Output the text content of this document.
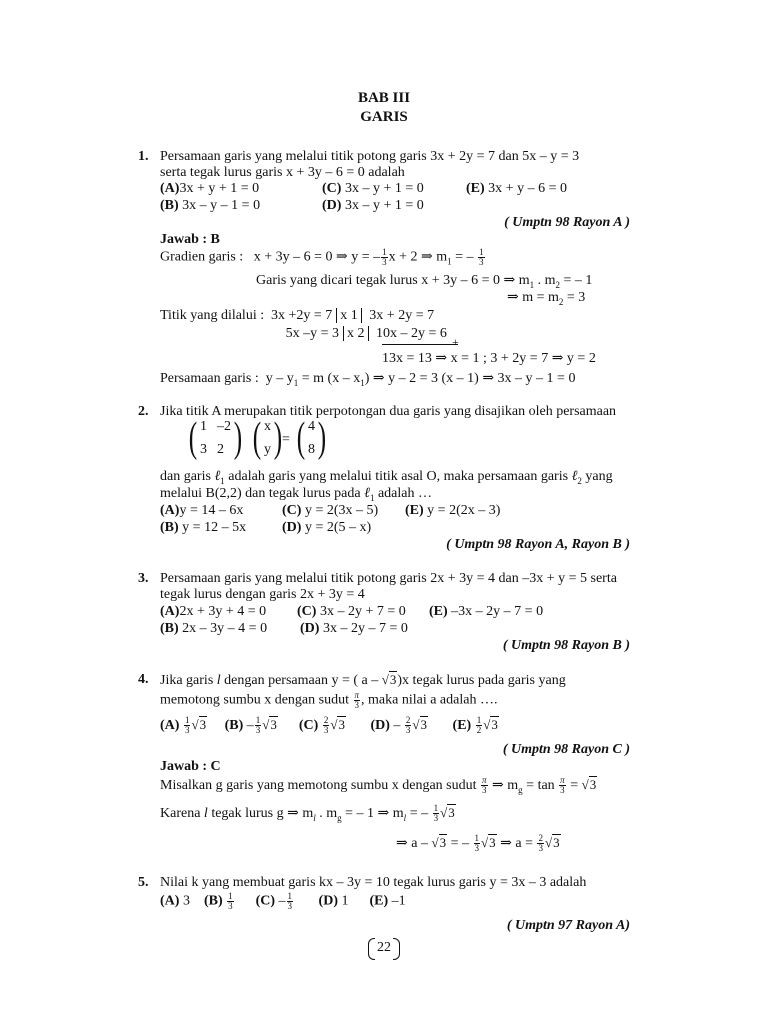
BAB III
GARIS
1. Persamaan garis yang melalui titik potong garis 3x + 2y = 7 dan 5x – y = 3
serta tegak lurus garis x + 3y – 6 = 0 adalah
(A)3x + y + 1 = 0	(C) 3x – y + 1 = 0	(E) 3x + y – 6 = 0
(B) 3x – y – 1 = 0	(D) 3x – y + 1 = 0
( Umptn 98 Rayon A )
Jawab : B
Gradien garis : x + 3y – 6 = 0 ⇒ y = – $\frac{1}{3}$ x + 2 ⇒ $m_1$ = – $\frac{1}{3}$
Garis yang dicari tegak lurus x + 3y – 6 = 0 ⇒ $m_1$ . $m_2$ = – 1
⇒ $m = m_2 = 3$
Titik yang dilalui : 3x +2y = 7 x 1 3x + 2y = 7
5x –y = 3 x 2 10x – 2y = 6
+
13x = 13 ⇒ x = 1 ; 3 + 2y = 7 ⇒ y = 2
Persamaan garis : $y - y_1 = m$ $(x - x_1)$ ⇒ y – 2 = 3 (x – 1) ⇒ 3x – y – 1 = 0
2. Jika titik A merupakan titik perpotongan dua garis yang disajikan oleh persamaan
( 1 –2
3 2 ) ( x
y ) = ( 4
8 )
dan garis ℓ$_1$ adalah garis yang melalui titik asal O, maka persamaan garis ℓ$_2$ yang
melalui B(2,2) dan tegak lurus pada ℓ$_1$ adalah …
(A)y = 14 – 6x	(C) y = 2(3x – 5) (E) y = 2(2x – 3)
(B) y = 12 – 5x	(D) y = 2(5 – x)
( Umptn 98 Rayon A, Rayon B )
3. Persamaan garis yang melalui titik potong garis 2x + 3y = 4 dan –3x + y = 5 serta
tegak lurus dengan garis 2x + 3y = 4
(A)2x + 3y + 4 = 0 (C) 3x – 2y + 7 = 0 (E) –3x – 2y – 7 = 0
(B) 2x – 3y – 4 = 0 (D) 3x – 2y – 7 = 0
( Umptn 98 Rayon B )
4. Jika garis l dengan persamaan y = ( a – √3)x tegak lurus pada garis yang
memotong sumbu x dengan sudut $\frac{\pi}{3}$ , maka nilai a adalah ….
$(A) \frac{1}{3} √3$ $(B) - \frac{1}{3} √3$ $(C) \frac{2}{3} √3$ $(D) - \frac{2}{3} √3$ $(E) \frac{1}{2} √3$
( Umptn 98 Rayon C )
Jawab : C
Misalkan g garis yang memotong sumbu x dengan sudut $\frac{\pi}{3}$ ⇒ $m_g = \tan \frac{\pi}{3} = √3$
Karena l tegak lurus g ⇒ $m_l$ . $m_g$ = – 1 ⇒ $m_l$ = – $\frac{1}{3} √3$
⇒ a – √3 = – $\frac{1}{3} √3$ ⇒ $a = \frac{2}{3} √3$
5. Nilai k yang membuat garis kx – 3y = 10 tegak lurus garis y = 3x – 3 adalah
(A) 3 $(B) \frac{1}{3} (C) - \frac{1}{3} (D)$ 1 (E) –1
( Umptn 97 Rayon A)
22
